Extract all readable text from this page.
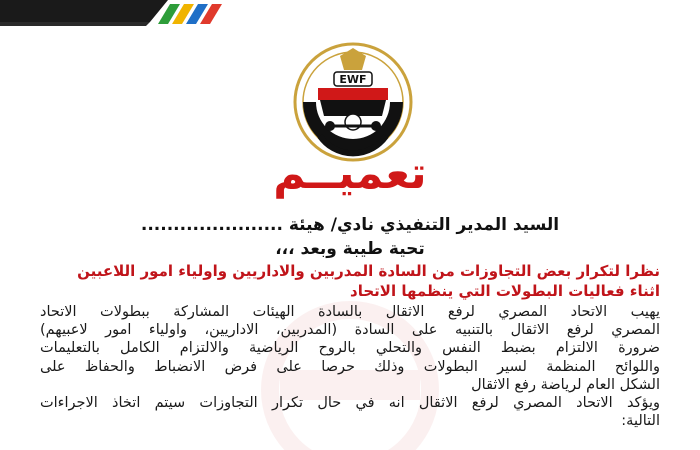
EWF
تعميــم
السيد المدير التنفيذي نادي/ هيئة ......................
تحية طيبة وبعد ،،،
نظرا لتكرار بعض التجاوزات من السادة المدربين والاداريين واولياء امور اللاعبين
اثناء فعاليات البطولات التي ينظمها الاتحاد
يهيب الاتحاد المصري لرفع الاثقال بالسادة الهيئات المشاركة ببطولات الاتحاد
المصري لرفع الاثقال بالتنبيه على السادة (المدربين، الاداريين، واولياء امور لاعبيهم)
ضرورة الالتزام بضبط النفس والتحلي بالروح الرياضية والالتزام الكامل بالتعليمات
واللوائح المنظمة لسير البطولات وذلك حرصا على فرض الانضباط والحفاظ على
الشكل العام لرياضة رفع الاثقال
ويؤكد الاتحاد المصري لرفع الاثقال انه في حال تكرار التجاوزات سيتم اتخاذ الاجراءات
التالية:
